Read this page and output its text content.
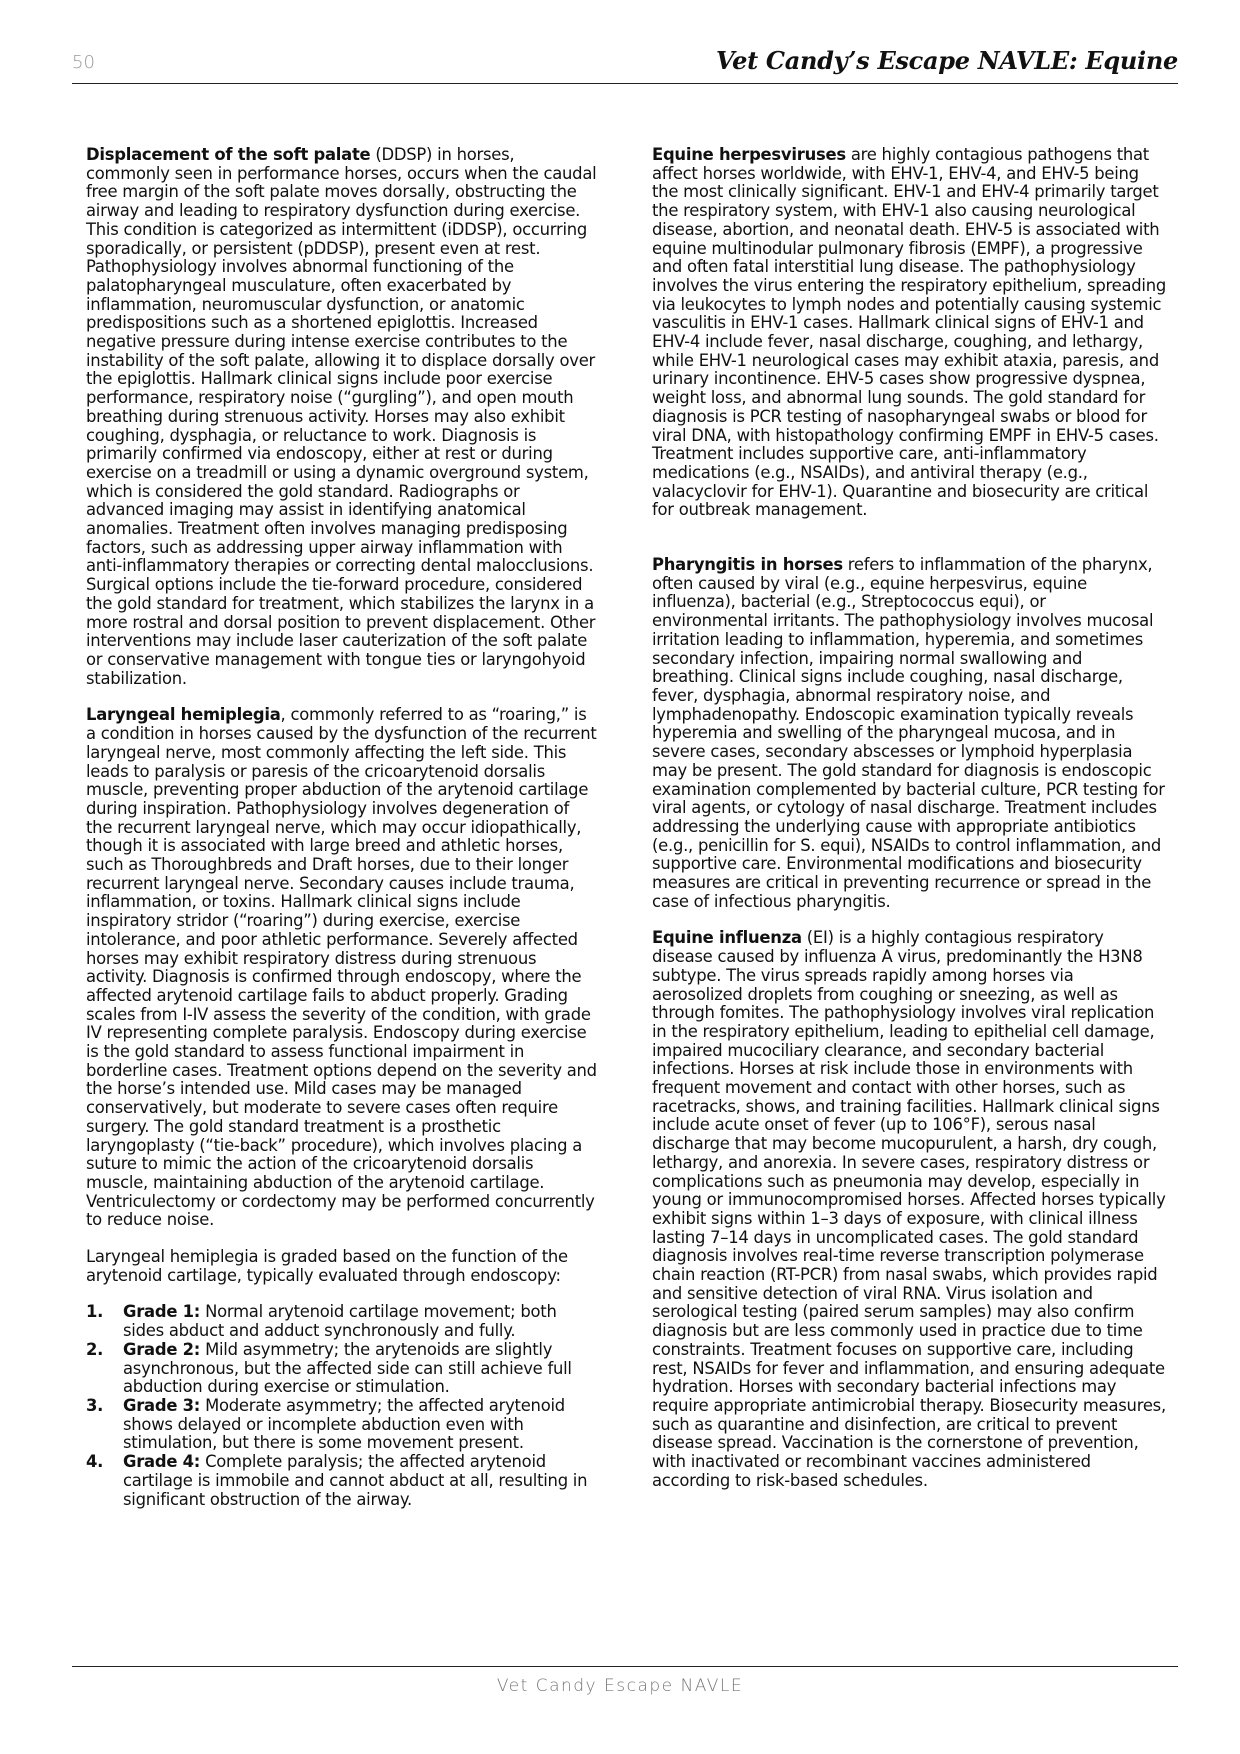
50	Vet Candy’s Escape NAVLE: Equine

Displacement of the soft palate (DDSP) in horses, commonly seen in performance horses, occurs when the caudal free margin of the soft palate moves dorsally, obstructing the airway and leading to respiratory dysfunction during exercise. This condition is categorized as intermittent (iDDSP), occurring sporadically, or persistent (pDDSP), present even at rest. Pathophysiology involves abnormal functioning of the palatopharyngeal musculature, often exacerbated by inflammation, neuromuscular dysfunction, or anatomic predispositions such as a shortened epiglottis. Increased negative pressure during intense exercise contributes to the instability of the soft palate, allowing it to displace dorsally over the epiglottis. Hallmark clinical signs include poor exercise performance, respiratory noise (“gurgling”), and open mouth breathing during strenuous activity. Horses may also exhibit coughing, dysphagia, or reluctance to work. Diagnosis is primarily confirmed via endoscopy, either at rest or during exercise on a treadmill or using a dynamic overground system, which is considered the gold standard. Radiographs or advanced imaging may assist in identifying anatomical anomalies. Treatment often involves managing predisposing factors, such as addressing upper airway inflammation with anti-inflammatory therapies or correcting dental malocclusions. Surgical options include the tie-forward procedure, considered the gold standard for treatment, which stabilizes the larynx in a more rostral and dorsal position to prevent displacement. Other interventions may include laser cauterization of the soft palate or conservative management with tongue ties or laryngohyoid stabilization.

Laryngeal hemiplegia, commonly referred to as “roaring,” is a condition in horses caused by the dysfunction of the recurrent laryngeal nerve, most commonly affecting the left side. This leads to paralysis or paresis of the cricoarytenoid dorsalis muscle, preventing proper abduction of the arytenoid cartilage during inspiration. Pathophysiology involves degeneration of the recurrent laryngeal nerve, which may occur idiopathically, though it is associated with large breed and athletic horses, such as Thoroughbreds and Draft horses, due to their longer recurrent laryngeal nerve. Secondary causes include trauma, inflammation, or toxins. Hallmark clinical signs include inspiratory stridor (“roaring”) during exercise, exercise intolerance, and poor athletic performance. Severely affected horses may exhibit respiratory distress during strenuous activity. Diagnosis is confirmed through endoscopy, where the affected arytenoid cartilage fails to abduct properly. Grading scales from I-IV assess the severity of the condition, with grade IV representing complete paralysis. Endoscopy during exercise is the gold standard to assess functional impairment in borderline cases. Treatment options depend on the severity and the horse’s intended use. Mild cases may be managed conservatively, but moderate to severe cases often require surgery. The gold standard treatment is a prosthetic laryngoplasty (“tie-back” procedure), which involves placing a suture to mimic the action of the cricoarytenoid dorsalis muscle, maintaining abduction of the arytenoid cartilage. Ventriculectomy or cordectomy may be performed concurrently to reduce noise.

Laryngeal hemiplegia is graded based on the function of the arytenoid cartilage, typically evaluated through endoscopy:

1. Grade 1: Normal arytenoid cartilage movement; both sides abduct and adduct synchronously and fully.
2. Grade 2: Mild asymmetry; the arytenoids are slightly asynchronous, but the affected side can still achieve full abduction during exercise or stimulation.
3. Grade 3: Moderate asymmetry; the affected arytenoid shows delayed or incomplete abduction even with stimulation, but there is some movement present.
4. Grade 4: Complete paralysis; the affected arytenoid cartilage is immobile and cannot abduct at all, resulting in significant obstruction of the airway.

Equine herpesviruses are highly contagious pathogens that affect horses worldwide, with EHV-1, EHV-4, and EHV-5 being the most clinically significant. EHV-1 and EHV-4 primarily target the respiratory system, with EHV-1 also causing neurological disease, abortion, and neonatal death. EHV-5 is associated with equine multinodular pulmonary fibrosis (EMPF), a progressive and often fatal interstitial lung disease. The pathophysiology involves the virus entering the respiratory epithelium, spreading via leukocytes to lymph nodes and potentially causing systemic vasculitis in EHV-1 cases. Hallmark clinical signs of EHV-1 and EHV-4 include fever, nasal discharge, coughing, and lethargy, while EHV-1 neurological cases may exhibit ataxia, paresis, and urinary incontinence. EHV-5 cases show progressive dyspnea, weight loss, and abnormal lung sounds. The gold standard for diagnosis is PCR testing of nasopharyngeal swabs or blood for viral DNA, with histopathology confirming EMPF in EHV-5 cases. Treatment includes supportive care, anti-inflammatory medications (e.g., NSAIDs), and antiviral therapy (e.g., valacyclovir for EHV-1). Quarantine and biosecurity are critical for outbreak management.

Pharyngitis in horses refers to inflammation of the pharynx, often caused by viral (e.g., equine herpesvirus, equine influenza), bacterial (e.g., Streptococcus equi), or environmental irritants. The pathophysiology involves mucosal irritation leading to inflammation, hyperemia, and sometimes secondary infection, impairing normal swallowing and breathing. Clinical signs include coughing, nasal discharge, fever, dysphagia, abnormal respiratory noise, and lymphadenopathy. Endoscopic examination typically reveals hyperemia and swelling of the pharyngeal mucosa, and in severe cases, secondary abscesses or lymphoid hyperplasia may be present. The gold standard for diagnosis is endoscopic examination complemented by bacterial culture, PCR testing for viral agents, or cytology of nasal discharge. Treatment includes addressing the underlying cause with appropriate antibiotics (e.g., penicillin for S. equi), NSAIDs to control inflammation, and supportive care. Environmental modifications and biosecurity measures are critical in preventing recurrence or spread in the case of infectious pharyngitis.

Equine influenza (EI) is a highly contagious respiratory disease caused by influenza A virus, predominantly the H3N8 subtype. The virus spreads rapidly among horses via aerosolized droplets from coughing or sneezing, as well as through fomites. The pathophysiology involves viral replication in the respiratory epithelium, leading to epithelial cell damage, impaired mucociliary clearance, and secondary bacterial infections. Horses at risk include those in environments with frequent movement and contact with other horses, such as racetracks, shows, and training facilities. Hallmark clinical signs include acute onset of fever (up to 106°F), serous nasal discharge that may become mucopurulent, a harsh, dry cough, lethargy, and anorexia. In severe cases, respiratory distress or complications such as pneumonia may develop, especially in young or immunocompromised horses. Affected horses typically exhibit signs within 1–3 days of exposure, with clinical illness lasting 7–14 days in uncomplicated cases. The gold standard diagnosis involves real-time reverse transcription polymerase chain reaction (RT-PCR) from nasal swabs, which provides rapid and sensitive detection of viral RNA. Virus isolation and serological testing (paired serum samples) may also confirm diagnosis but are less commonly used in practice due to time constraints. Treatment focuses on supportive care, including rest, NSAIDs for fever and inflammation, and ensuring adequate hydration. Horses with secondary bacterial infections may require appropriate antimicrobial therapy. Biosecurity measures, such as quarantine and disinfection, are critical to prevent disease spread. Vaccination is the cornerstone of prevention, with inactivated or recombinant vaccines administered according to risk-based schedules.

Vet Candy Escape NAVLE
